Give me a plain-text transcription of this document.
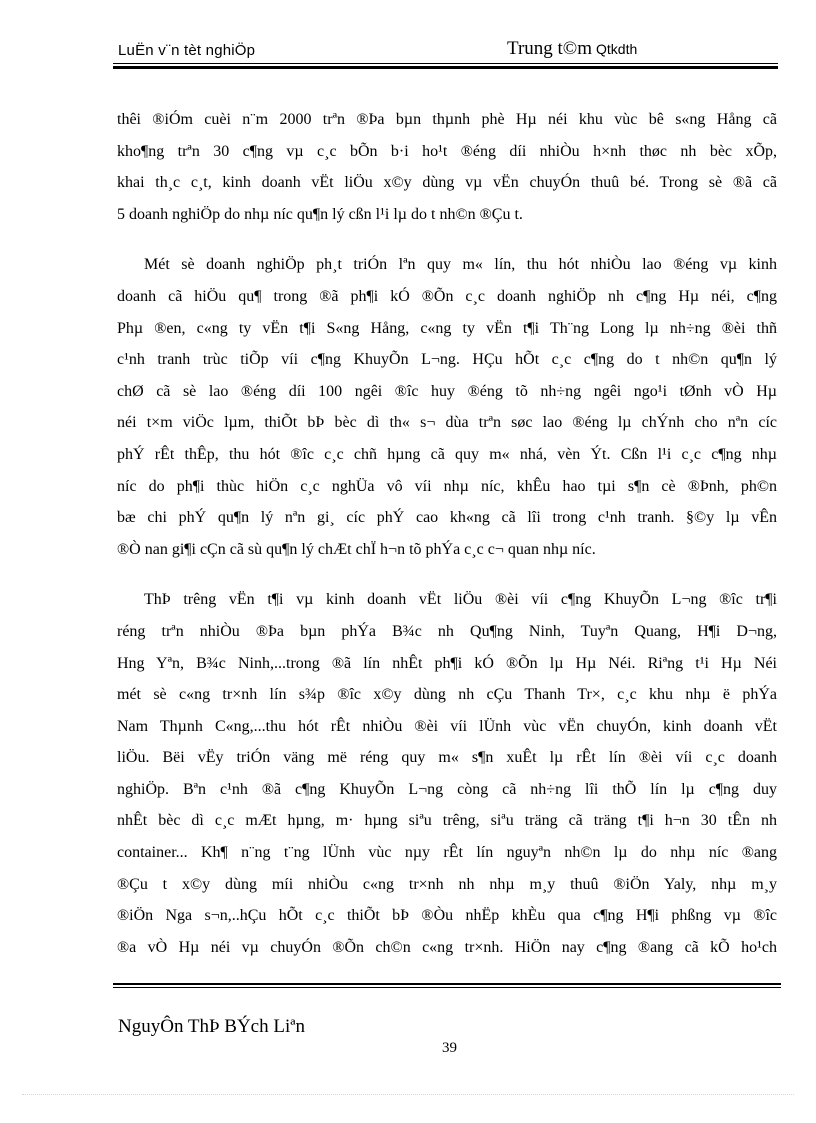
LuËn v¨n tèt nghiÖp	Trung t©m Qtkdth
thêi ®iÓm cuèi n¨m 2000 trªn ®Þa bµn thµnh phè Hµ néi khu vùc bê s«ng Hång cã
kho¶ng trªn 30 c¶ng vµ c¸c bÕn b·i ho¹t ®éng díi nhiÒu h×nh thøc nh bèc xÕp,
khai th¸c c¸t, kinh doanh vËt liÖu x©y dùng vµ vËn chuyÓn thuû bé. Trong sè ®ã cã
5 doanh nghiÖp do nhµ níc qu¶n lý cßn l¹i lµ do t nh©n ®Çu t.
Mét sè doanh nghiÖp ph¸t triÓn lªn quy m« lín, thu hót nhiÒu lao ®éng vµ kinh
doanh cã hiÖu qu¶ trong ®ã ph¶i kÓ ®Õn c¸c doanh nghiÖp nh c¶ng Hµ néi, c¶ng
Phµ ®en, c«ng ty vËn t¶i S«ng Hång, c«ng ty vËn t¶i Th¨ng Long lµ nh÷ng ®èi thñ
c¹nh tranh trùc tiÕp víi c¶ng KhuyÕn L¬ng. HÇu hÕt c¸c c¶ng do t nh©n qu¶n lý
chØ cã sè lao ®éng díi 100 ngêi ®îc huy ®éng tõ nh÷ng ngêi ngo¹i tØnh vÒ Hµ
néi t×m viÖc lµm, thiÕt bÞ bèc dì th« s¬ dùa trªn søc lao ®éng lµ chÝnh cho nªn cíc
phÝ rÊt thÊp, thu hót ®îc c¸c chñ hµng cã quy m« nhá, vèn Ýt. Cßn l¹i c¸c c¶ng nhµ
níc do ph¶i thùc hiÖn c¸c nghÜa vô víi nhµ níc, khÊu hao tµi s¶n cè ®Þnh, ph©n
bæ chi phÝ qu¶n lý nªn gi¸ cíc phÝ cao kh«ng cã lîi trong c¹nh tranh. §©y lµ vÊn
®Ò nan gi¶i cÇn cã sù qu¶n lý chÆt chÏ h¬n tõ phÝa c¸c c¬ quan nhµ níc.
ThÞ trêng vËn t¶i vµ kinh doanh vËt liÖu ®èi víi c¶ng KhuyÕn L¬ng ®îc tr¶i
réng trªn nhiÒu ®Þa bµn phÝa B¾c nh Qu¶ng Ninh, Tuyªn Quang, H¶i D¬ng,
Hng Yªn, B¾c Ninh,...trong ®ã lín nhÊt ph¶i kÓ ®Õn lµ Hµ Néi. Riªng t¹i Hµ Néi
mét sè c«ng tr×nh lín s¾p ®îc x©y dùng nh cÇu Thanh Tr×, c¸c khu nhµ ë phÝa
Nam Thµnh C«ng,...thu hót rÊt nhiÒu ®èi víi lÜnh vùc vËn chuyÓn, kinh doanh vËt
liÖu. Bëi vËy triÓn väng më réng quy m« s¶n xuÊt lµ rÊt lín ®èi víi c¸c doanh
nghiÖp. Bªn c¹nh ®ã c¶ng KhuyÕn L¬ng còng cã nh÷ng lîi thÕ lín lµ c¶ng duy
nhÊt bèc dì c¸c mÆt hµng, m· hµng siªu trêng, siªu träng cã träng t¶i h¬n 30 tÊn nh
container... Kh¶ n¨ng t¨ng lÜnh vùc nµy rÊt lín nguyªn nh©n lµ do nhµ níc ®ang
®Çu t x©y dùng míi nhiÒu c«ng tr×nh nh nhµ m¸y thuû ®iÖn Yaly, nhµ m¸y
®iÖn Nga s¬n,..hÇu hÕt c¸c thiÕt bÞ ®Òu nhËp khÈu qua c¶ng H¶i phßng vµ ®îc
®a vÒ Hµ néi vµ chuyÓn ®Õn ch©n c«ng tr×nh. HiÖn nay c¶ng ®ang cã kÕ ho¹ch
NguyÔn ThÞ BÝch Liªn
39
